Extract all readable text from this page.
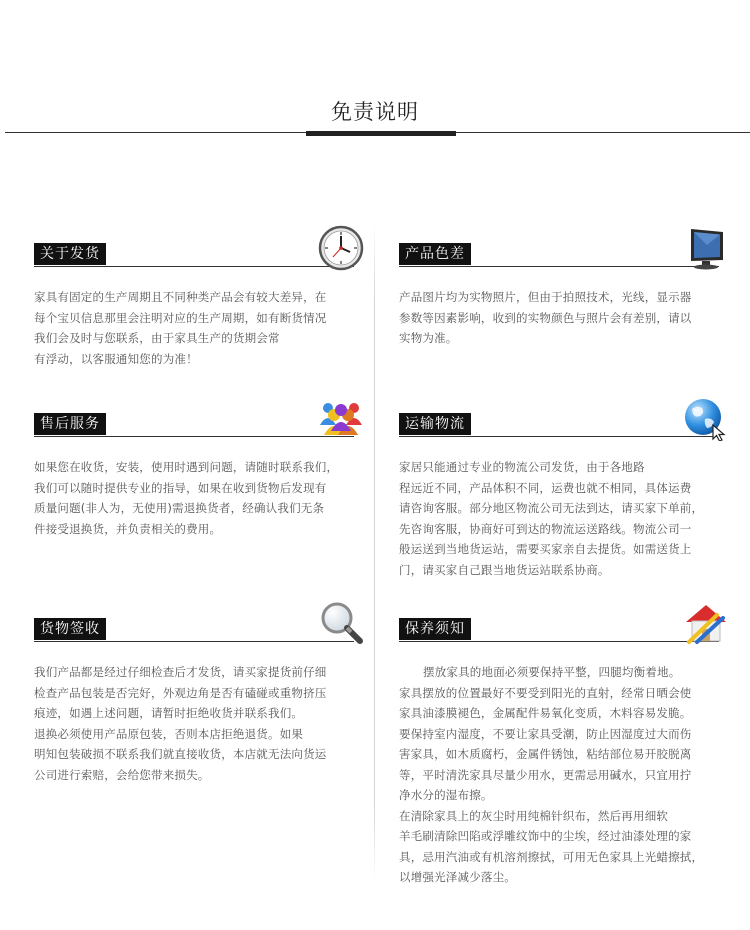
免责说明
关于发货

家具有固定的生产周期且不同种类产品会有较大差异，在

每个宝贝信息那里会注明对应的生产周期，如有断货情况

我们会及时与您联系，由于家具生产的货期会常

有浮动，以客服通知您的为准！

产品色差

产品图片均为实物照片，但由于拍照技术，光线，显示器

参数等因素影响，收到的实物颜色与照片会有差别，请以

实物为准。

售后服务

如果您在收货，安装，使用时遇到问题，请随时联系我们，

我们可以随时提供专业的指导，如果在收到货物后发现有

质量问题(非人为，无使用)需退换货者，经确认我们无条

件接受退换货，并负责相关的费用。

运输物流

家居只能通过专业的物流公司发货，由于各地路

程远近不同，产品体积不同，运费也就不相同，具体运费

请咨询客服。部分地区物流公司无法到达，请买家下单前，

先咨询客服，协商好可到达的物流运送路线。物流公司一

般运送到当地货运站，需要买家亲自去提货。如需送货上

门，请买家自己跟当地货运站联系协商。

货物签收

我们产品都是经过仔细检查后才发货，请买家提货前仔细

检查产品包装是否完好，外观边角是否有磕碰或重物挤压

痕迹，如遇上述问题，请暂时拒绝收货并联系我们。

退换必须使用产品原包装，否则本店拒绝退货。如果

明知包装破损不联系我们就直接收货，本店就无法向货运

公司进行索赔，会给您带来损失。

保养须知

摆放家具的地面必须要保持平整，四腿均衡着地。

家具摆放的位置最好不要受到阳光的直射，经常日晒会使

家具油漆膜褪色，金属配件易氧化变质，木料容易发脆。

要保持室内湿度，不要让家具受潮，防止因湿度过大而伤

害家具，如木质腐朽，金属件锈蚀，粘结部位易开胶脱离

等，平时清洗家具尽量少用水，更需忌用碱水，只宜用拧

净水分的湿布擦。

在清除家具上的灰尘时用纯棉针织布，然后再用细软

羊毛刷清除凹陷或浮雕纹饰中的尘埃，经过油漆处理的家

具，忌用汽油或有机溶剂擦拭，可用无色家具上光蜡擦拭，

以增强光泽减少落尘。
